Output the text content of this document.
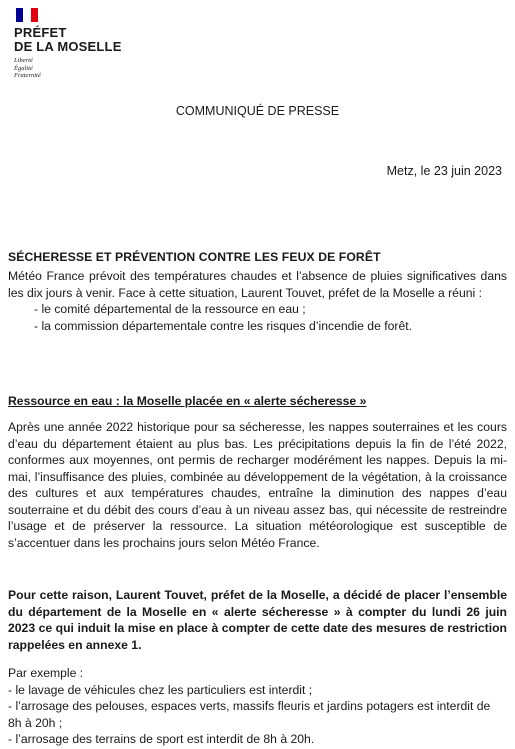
PRÉFET
DE LA MOSELLE
Liberté
Égalité
Fraternité
COMMUNIQUÉ DE PRESSE
Metz, le 23 juin 2023
SÉCHERESSE ET PRÉVENTION CONTRE LES FEUX DE FORÊT

Météo France prévoit des températures chaudes et l’absence de pluies significatives dans les dix jours à venir. Face à cette situation, Laurent Touvet, préfet de la Moselle a réuni :

- le comité départemental de la ressource en eau ;
- la commission départementale contre les risques d’incendie de forêt.
Ressource en eau : la Moselle placée en « alerte sécheresse »

Après une année 2022 historique pour sa sécheresse, les nappes souterraines et les cours d’eau du département étaient au plus bas. Les précipitations depuis la fin de l’été 2022, conformes aux moyennes, ont permis de recharger modérément les nappes. Depuis la mi-mai, l’insuffisance des pluies, combinée au développement de la végétation, à la croissance des cultures et aux températures chaudes, entraîne la diminution des nappes d’eau souterraine et du débit des cours d’eau à un niveau assez bas, qui nécessite de restreindre l’usage et de préserver la ressource. La situation météorologique est susceptible de s’accentuer dans les prochains jours selon Météo France.

Pour cette raison, Laurent Touvet, préfet de la Moselle, a décidé de placer l’ensemble du département de la Moselle en « alerte sécheresse » à compter du lundi 26 juin 2023 ce qui induit la mise en place à compter de cette date des mesures de restriction rappelées en annexe 1.

Par exemple :

- le lavage de véhicules chez les particuliers est interdit ;
- l’arrosage des pelouses, espaces verts, massifs fleuris et jardins potagers est interdit de 8h à 20h ;
- l’arrosage des terrains de sport est interdit de 8h à 20h.
